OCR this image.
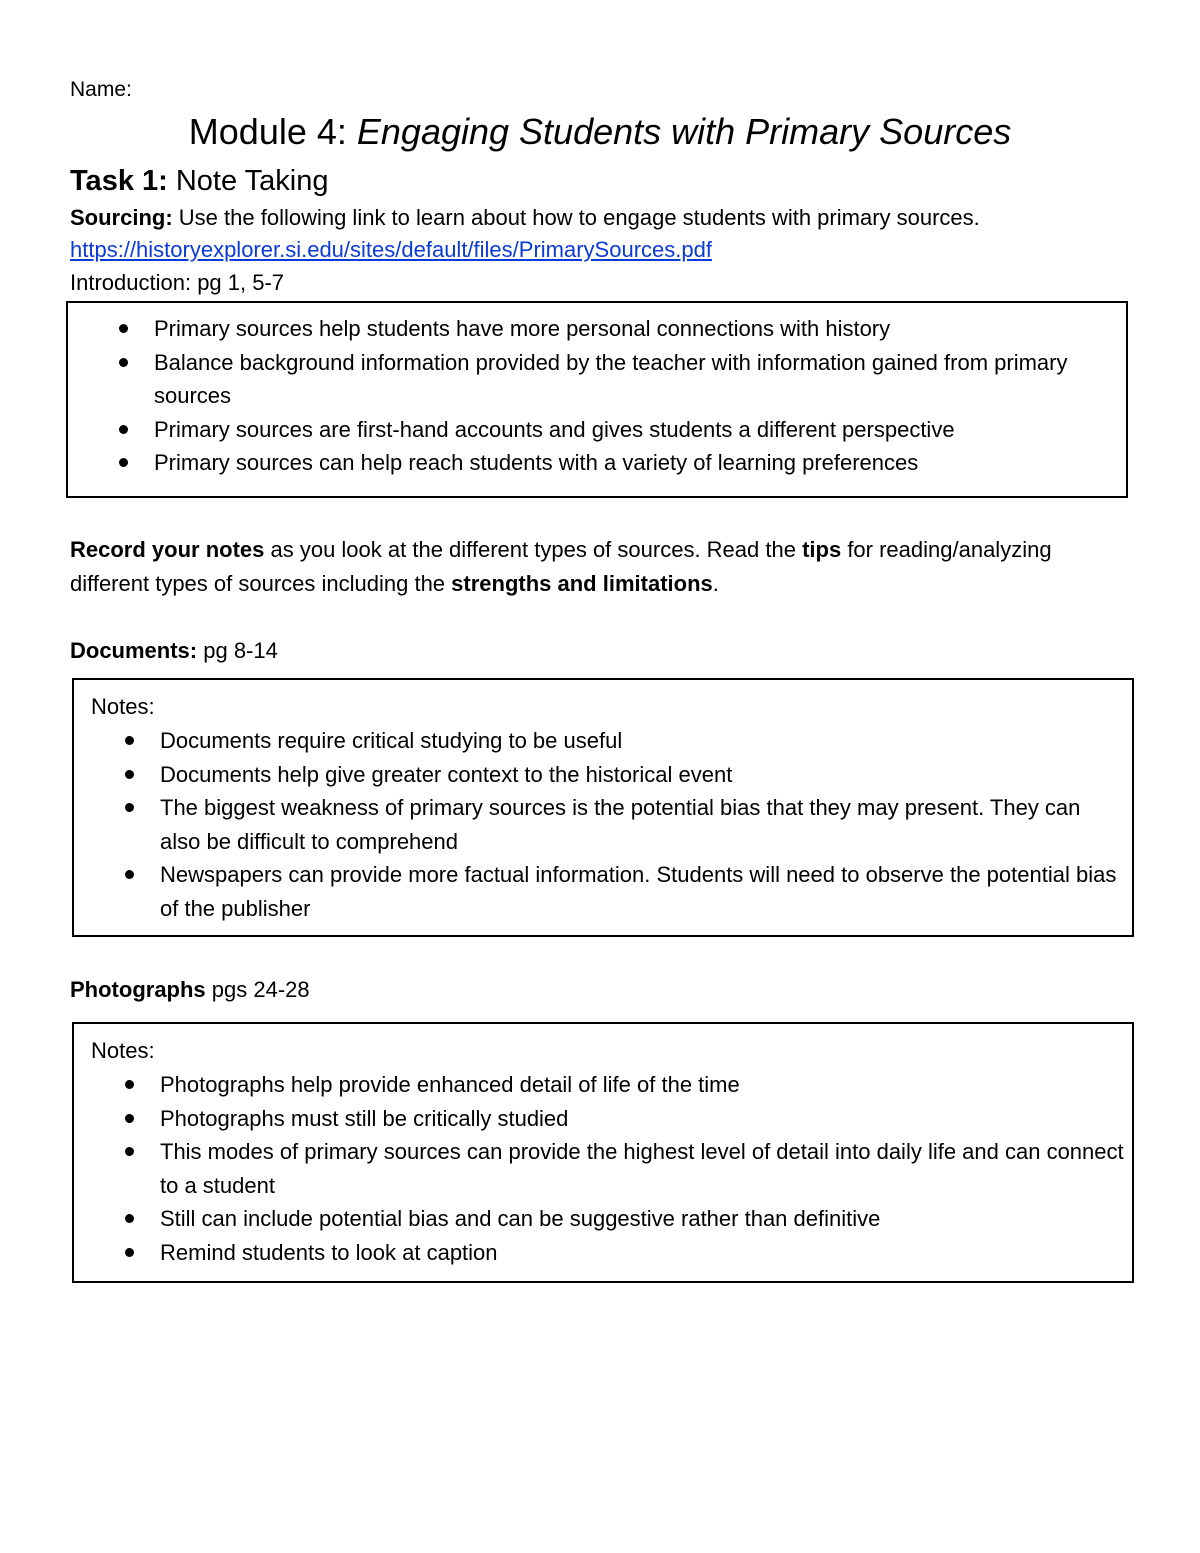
Name:
Module 4: Engaging Students with Primary Sources
Task 1: Note Taking
Sourcing: Use the following link to learn about how to engage students with primary sources.
https://historyexplorer.si.edu/sites/default/files/PrimarySources.pdf
Introduction: pg 1, 5-7
Primary sources help students have more personal connections with history
Balance background information provided by the teacher with information gained from primary sources
Primary sources are first-hand accounts and gives students a different perspective
Primary sources can help reach students with a variety of learning preferences
Record your notes as you look at the different types of sources. Read the tips for reading/analyzing different types of sources including the strengths and limitations.
Documents: pg 8-14
Notes:
Documents require critical studying to be useful
Documents help give greater context to the historical event
The biggest weakness of primary sources is the potential bias that they may present. They can also be difficult to comprehend
Newspapers can provide more factual information. Students will need to observe the potential bias of the publisher
Photographs pgs 24-28
Notes:
Photographs help provide enhanced detail of life of the time
Photographs must still be critically studied
This modes of primary sources can provide the highest level of detail into daily life and can connect to a student
Still can include potential bias and can be suggestive rather than definitive
Remind students to look at caption
